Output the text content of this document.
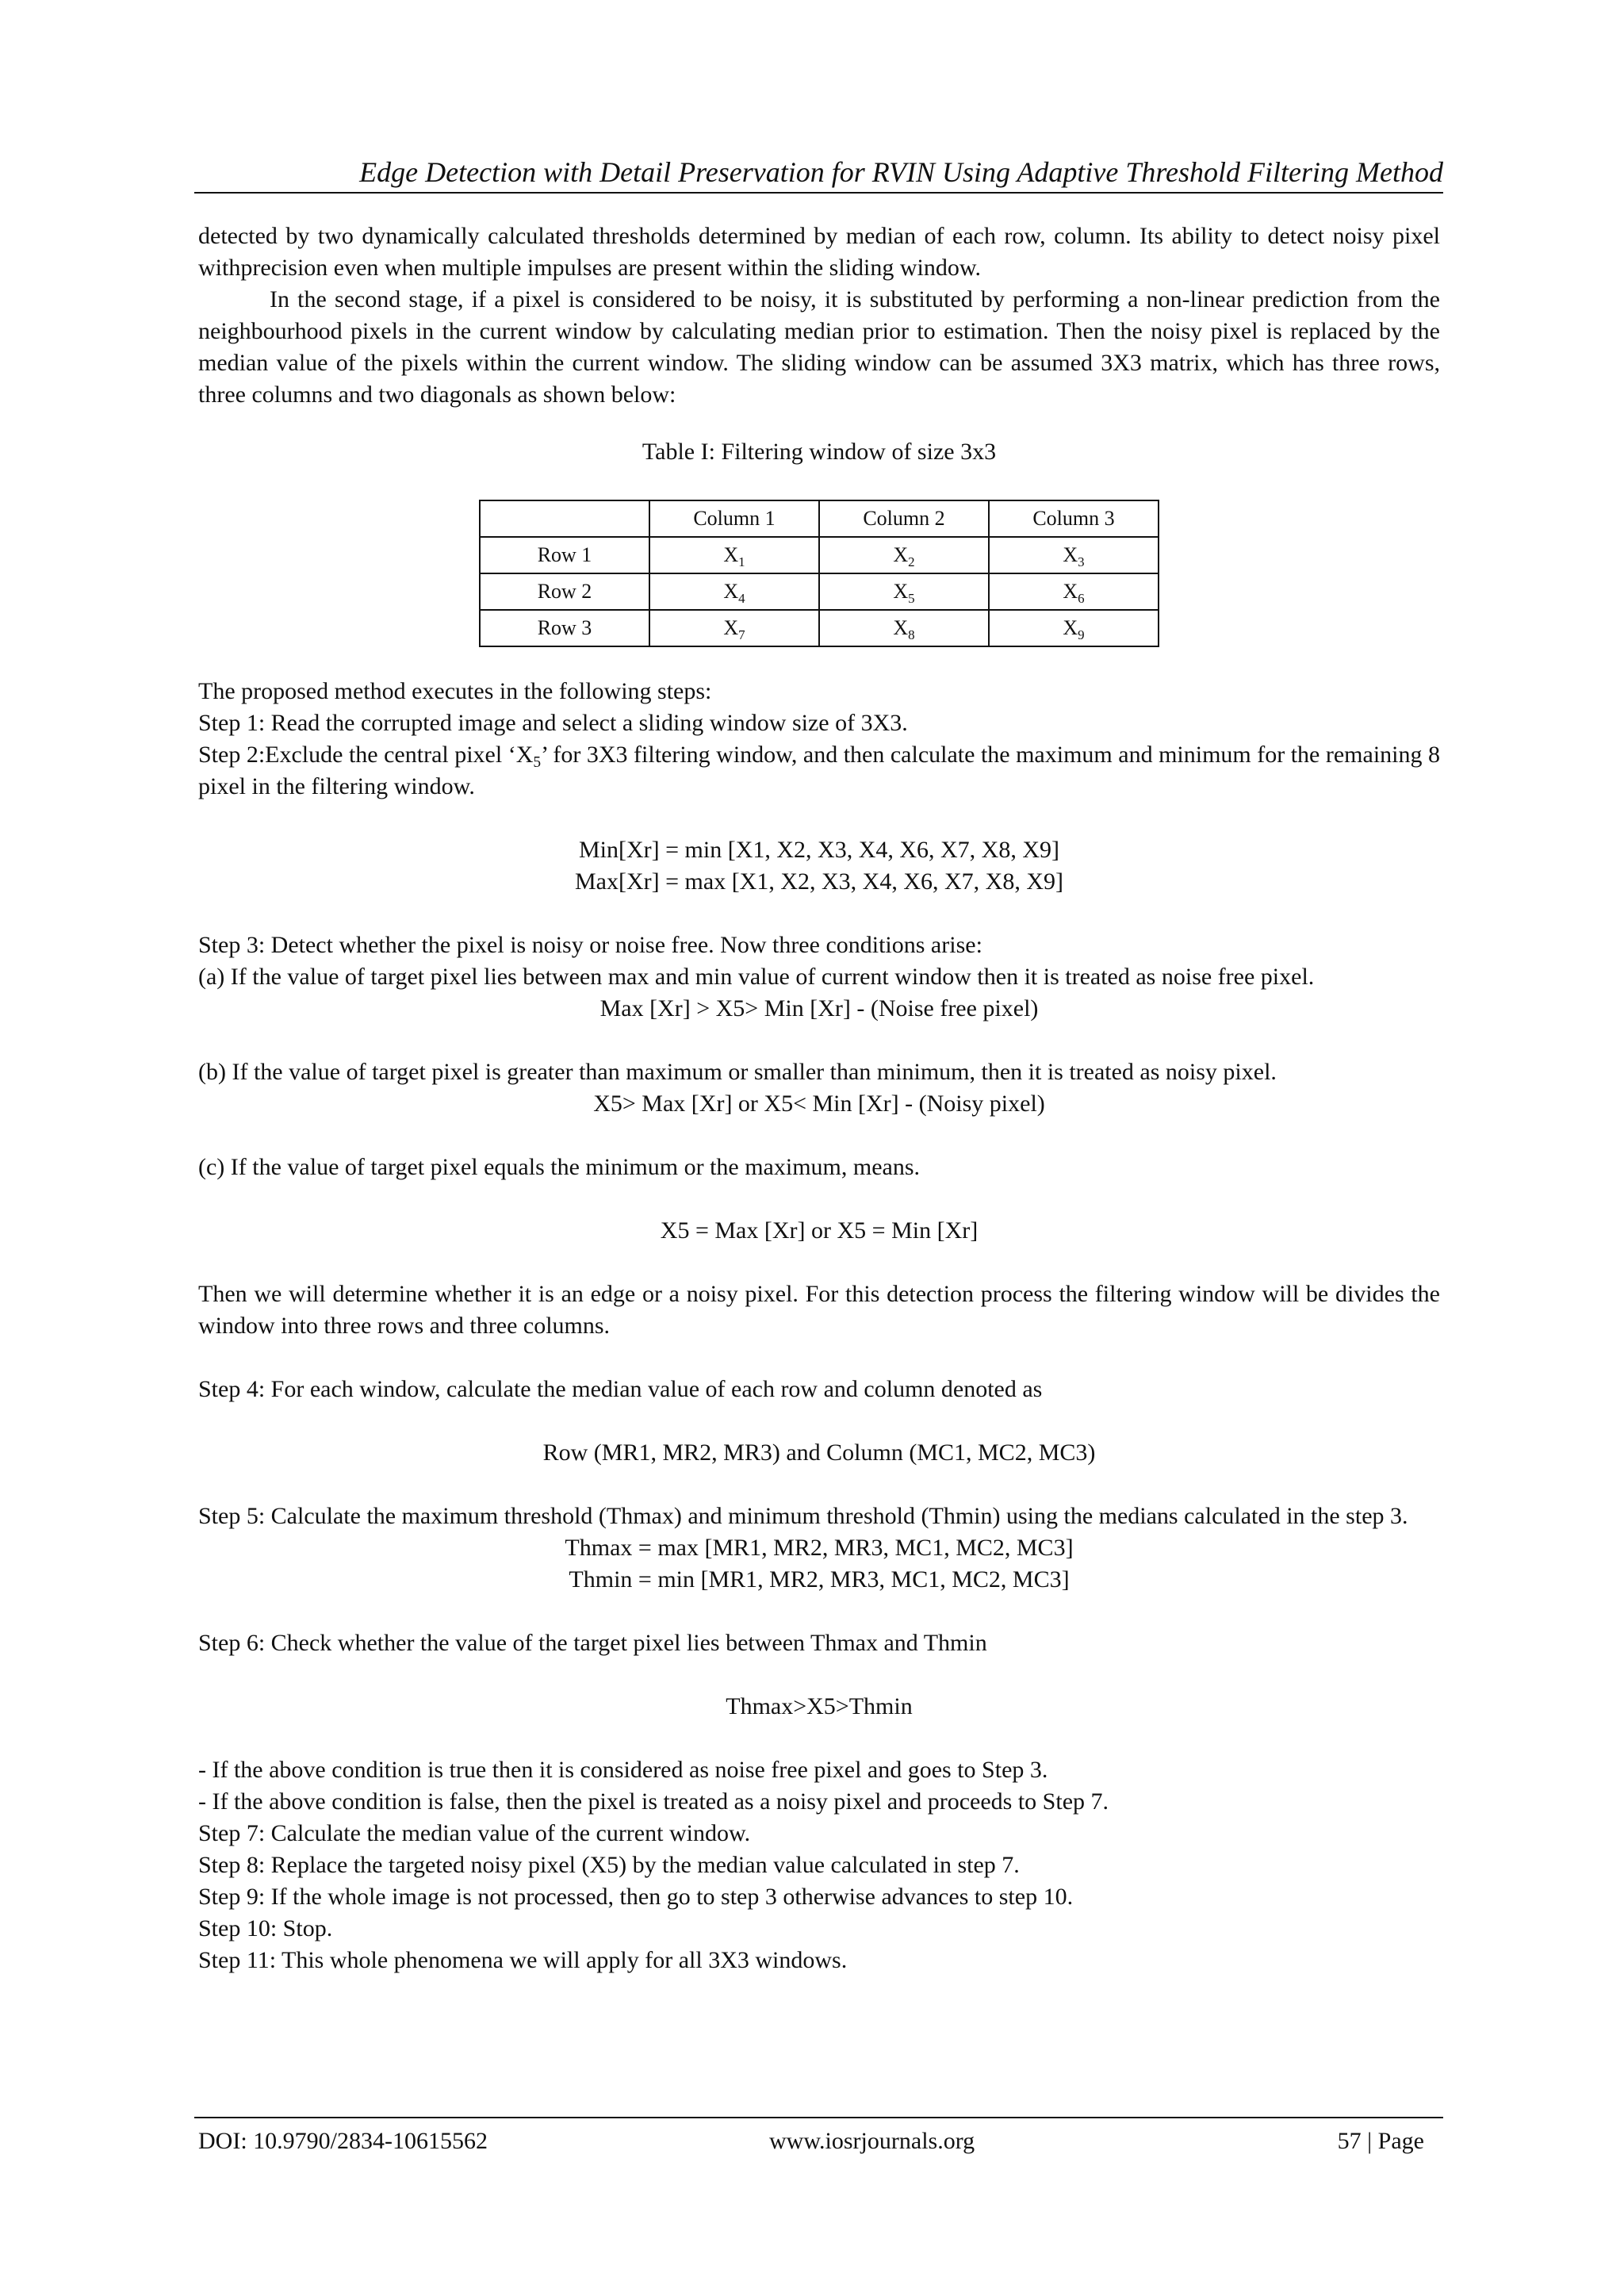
Edge Detection with Detail Preservation for RVIN Using Adaptive Threshold Filtering Method

detected by two dynamically calculated thresholds determined by median of each row, column. Its ability to detect noisy pixel withprecision even when multiple impulses are present within the sliding window.

In the second stage, if a pixel is considered to be noisy, it is substituted by performing a non-linear prediction from the neighbourhood pixels in the current window by calculating median prior to estimation. Then the noisy pixel is replaced by the median value of the pixels within the current window. The sliding window can be assumed 3X3 matrix, which has three rows, three columns and two diagonals as shown below:

Table I: Filtering window of size 3x3

	Column 1	Column 2	Column 3
Row 1	$X_1$	$X_2$	$X_3$
Row 2	$X_4$	$X_5$	$X_6$
Row 3	$X_7$	$X_8$	$X_9$

The proposed method executes in the following steps:

Step 1: Read the corrupted image and select a sliding window size of 3X3.

Step 2:Exclude the central pixel ‘$X_5$’ for 3X3 filtering window, and then calculate the maximum and minimum for the remaining 8 pixel in the filtering window.

Min[Xr] = min [X1, X2, X3, X4, X6, X7, X8, X9]

Max[Xr] = max [X1, X2, X3, X4, X6, X7, X8, X9]

Step 3: Detect whether the pixel is noisy or noise free. Now three conditions arise:

(a) If the value of target pixel lies between max and min value of current window then it is treated as noise free pixel.

Max [Xr] > X5> Min [Xr] - (Noise free pixel)

(b) If the value of target pixel is greater than maximum or smaller than minimum, then it is treated as noisy pixel.

X5> Max [Xr] or X5< Min [Xr] - (Noisy pixel)

(c) If the value of target pixel equals the minimum or the maximum, means.

X5 = Max [Xr] or X5 = Min [Xr]

Then we will determine whether it is an edge or a noisy pixel. For this detection process the filtering window will be divides the window into three rows and three columns.

Step 4: For each window, calculate the median value of each row and column denoted as

Row (MR1, MR2, MR3) and Column (MC1, MC2, MC3)

Step 5: Calculate the maximum threshold (Thmax) and minimum threshold (Thmin) using the medians calculated in the step 3.

Thmax = max [MR1, MR2, MR3, MC1, MC2, MC3]

Thmin = min [MR1, MR2, MR3, MC1, MC2, MC3]

Step 6: Check whether the value of the target pixel lies between Thmax and Thmin

Thmax>X5>Thmin

- If the above condition is true then it is considered as noise free pixel and goes to Step 3.

- If the above condition is false, then the pixel is treated as a noisy pixel and proceeds to Step 7.

Step 7: Calculate the median value of the current window.

Step 8: Replace the targeted noisy pixel (X5) by the median value calculated in step 7.

Step 9: If the whole image is not processed, then go to step 3 otherwise advances to step 10.

Step 10: Stop.

Step 11: This whole phenomena we will apply for all 3X3 windows.

DOI: 10.9790/2834-10615562	www.iosrjournals.org	57 | Page
